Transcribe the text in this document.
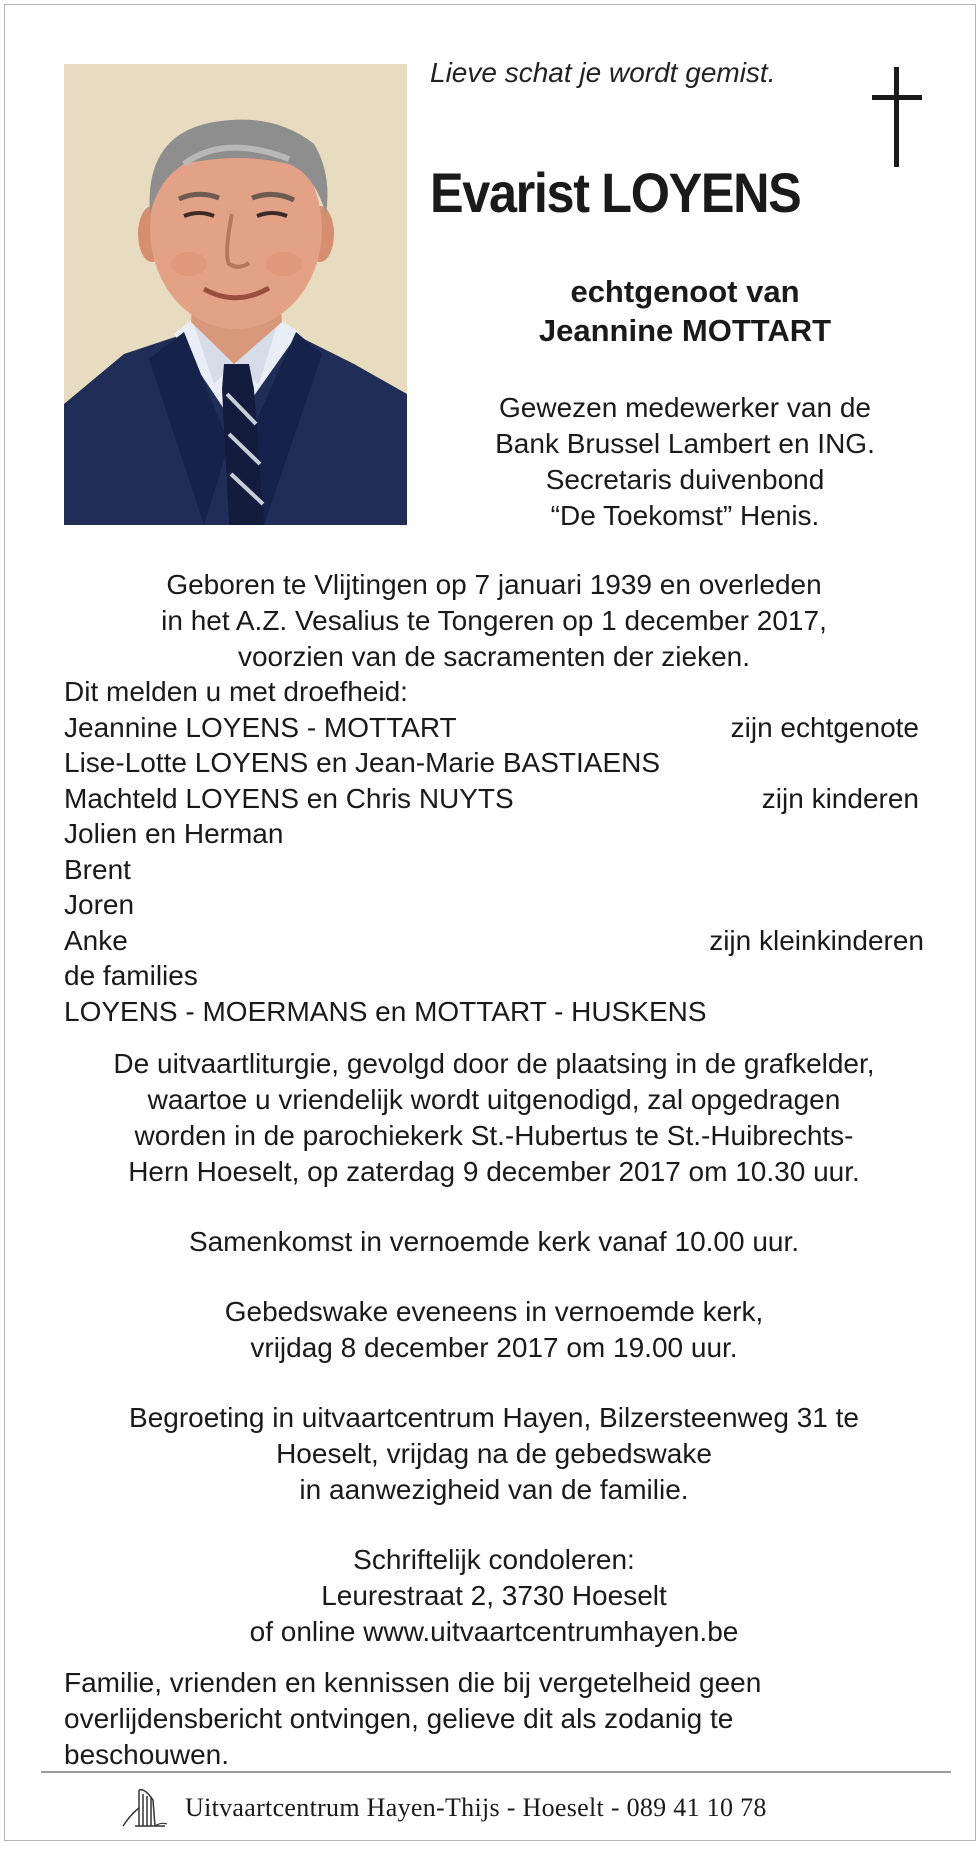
Lieve schat je wordt gemist.
Evarist LOYENS
echtgenoot van
Jeannine MOTTART
Gewezen medewerker van de
Bank Brussel Lambert en ING.
Secretaris duivenbond
“De Toekomst” Henis.
Geboren te Vlijtingen op 7 januari 1939 en overleden
in het A.Z. Vesalius te Tongeren op 1 december 2017,
voorzien van de sacramenten der zieken.
Dit melden u met droefheid:
Jeannine LOYENS - MOTTART	zijn echtgenote
Lise-Lotte LOYENS en Jean-Marie BASTIAENS
Machteld LOYENS en Chris NUYTS	zijn kinderen
Jolien en Herman
Brent
Joren
Anke	zijn kleinkinderen
de families
LOYENS - MOERMANS en MOTTART - HUSKENS

De uitvaartliturgie, gevolgd door de plaatsing in de grafkelder,
waartoe u vriendelijk wordt uitgenodigd, zal opgedragen
worden in de parochiekerk St.-Hubertus te St.-Huibrechts-
Hern Hoeselt, op zaterdag 9 december 2017 om 10.30 uur.

Samenkomst in vernoemde kerk vanaf 10.00 uur.

Gebedswake eveneens in vernoemde kerk,
vrijdag 8 december 2017 om 19.00 uur.

Begroeting in uitvaartcentrum Hayen, Bilzersteenweg 31 te
Hoeselt, vrijdag na de gebedswake
in aanwezigheid van de familie.

Schriftelijk condoleren:
Leurestraat 2, 3730 Hoeselt
of online www.uitvaartcentrumhayen.be

Familie, vrienden en kennissen die bij vergetelheid geen
overlijdensbericht ontvingen, gelieve dit als zodanig te
beschouwen.
Uitvaartcentrum Hayen-Thijs - Hoeselt - 089 41 10 78
